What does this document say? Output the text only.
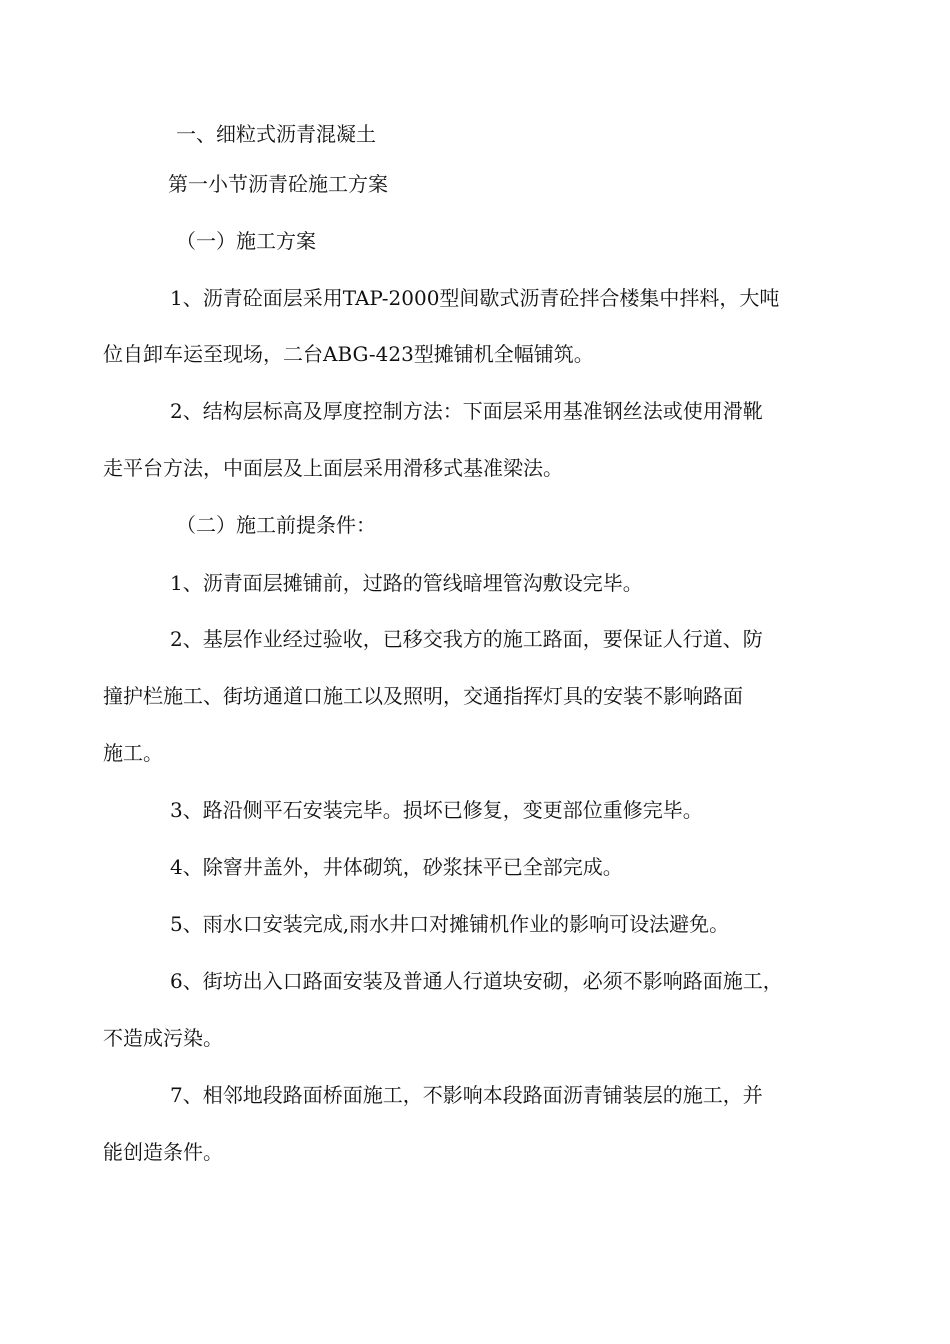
一、细粒式沥青混凝土
第一小节沥青砼施工方案
（一）施工方案
1、沥青砼面层采用TAP-2000型间歇式沥青砼拌合楼集中拌料，大吨
位自卸车运至现场，二台ABG-423型摊铺机全幅铺筑。
2、结构层标高及厚度控制方法：下面层采用基准钢丝法或使用滑靴
走平台方法，中面层及上面层采用滑移式基准梁法。
（二）施工前提条件：
1、沥青面层摊铺前，过路的管线暗埋管沟敷设完毕。
2、基层作业经过验收，已移交我方的施工路面，要保证人行道、防
撞护栏施工、街坊通道口施工以及照明，交通指挥灯具的安装不影响路面
施工。
3、路沿侧平石安装完毕。损坏已修复，变更部位重修完毕。
4、除窨井盖外，井体砌筑，砂浆抹平已全部完成。
5、雨水口安装完成,雨水井口对摊铺机作业的影响可设法避免。
6、街坊出入口路面安装及普通人行道块安砌，必须不影响路面施工，
不造成污染。
7、相邻地段路面桥面施工，不影响本段路面沥青铺装层的施工，并
能创造条件。
